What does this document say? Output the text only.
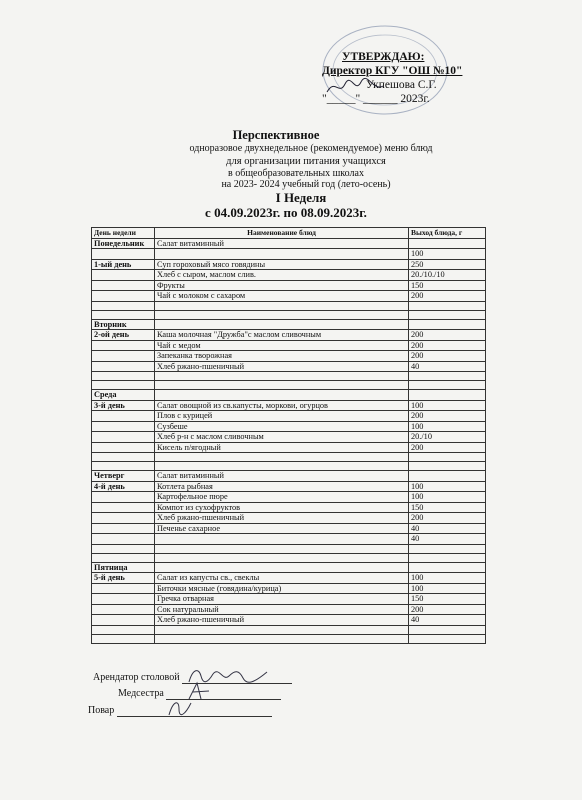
УТВЕРЖДАЮ:
Директор КГУ "ОШ №10"
Укпешова С.Г.
"_____" ______ 2023г.
Перспективное
одноразовое двухнедельное (рекомендуемое) меню блюд
для организации питания учащихся
в общеобразовательных школах
на 2023- 2024 учебный год (лето-осень)
I Неделя
с 04.09.2023г. по 08.09.2023г.
День недели	Наименование блюд	Выход блюда, г
Понедельник	Салат витаминный	
		100
1-ый день	Суп гороховый мясо говядины	250
	Хлеб с сыром, маслом слив.	20./10./10
	Фрукты	150
	Чай с молоком с сахаром	200

Вторник		
2-ой день	Каша молочная "Дружба"с маслом сливочным	200
	Чай с медом	200
	Запеканка творожная	200
	Хлеб ржано-пшеничный	40

Среда		
3-й день	Салат овощной из св.капусты, моркови, огурцов	100
	Плов с курицей	200
	Сузбеше	100
	Хлеб р-н с маслом сливочным	20./10
	Кисель п/ягодный	200

Четверг	Салат витаминный	
4-й день	Котлета рыбная	100
	Картофельное пюре	100
	Компот из сухофруктов	150
	Хлеб ржано-пшеничный	200
	Печенье сахарное	40
		40

Пятница		
5-й день	Салат из капусты св., свеклы	100
	Биточки мясные (говядина/курица)	100
	Гречка отварная	150
	Сок натуральный	200
	Хлеб ржано-пшеничный	40

Арендатор столовой
Медсестра
Повар
